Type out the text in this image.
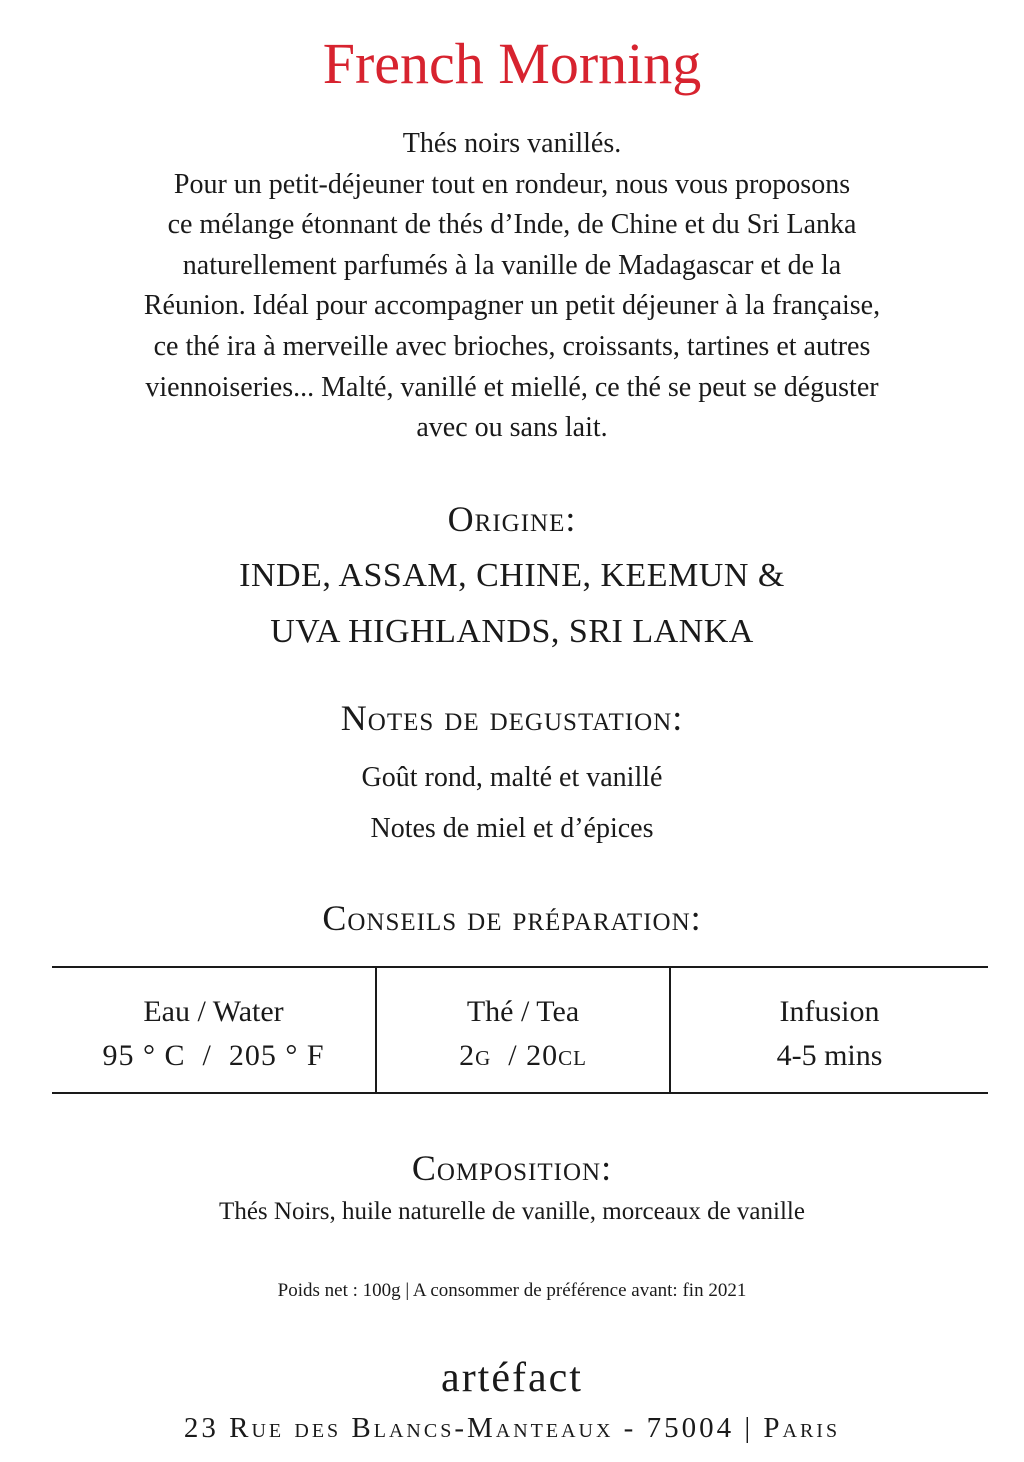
French Morning

Thés noirs vanillés.

Pour un petit-déjeuner tout en rondeur, nous vous proposons

ce mélange étonnant de thés d’Inde, de Chine et du Sri Lanka

naturellement parfumés à la vanille de Madagascar et de la

Réunion. Idéal pour accompagner un petit déjeuner à la française,

ce thé ira à merveille avec brioches, croissants, tartines et autres

viennoiseries... Malté, vanillé et miellé, ce thé se peut se déguster

avec ou sans lait.

Origine:
INDE, ASSAM, CHINE, KEEMUN &
UVA HIGHLANDS, SRI LANKA
Notes de degustation:
Goût rond, malté et vanillé
Notes de miel et d’épices
Conseils de préparation:
Eau / Water
95 ° C  /  205 ° F
Thé / Tea
2g  / 20cl
Infusion
4-5 mins
Composition:
Thés Noirs, huile naturelle de vanille, morceaux de vanille
Poids net : 100g | A consommer de préférence avant: fin 2021
artéfact
23 Rue des Blancs-Manteaux - 75004 | Paris
